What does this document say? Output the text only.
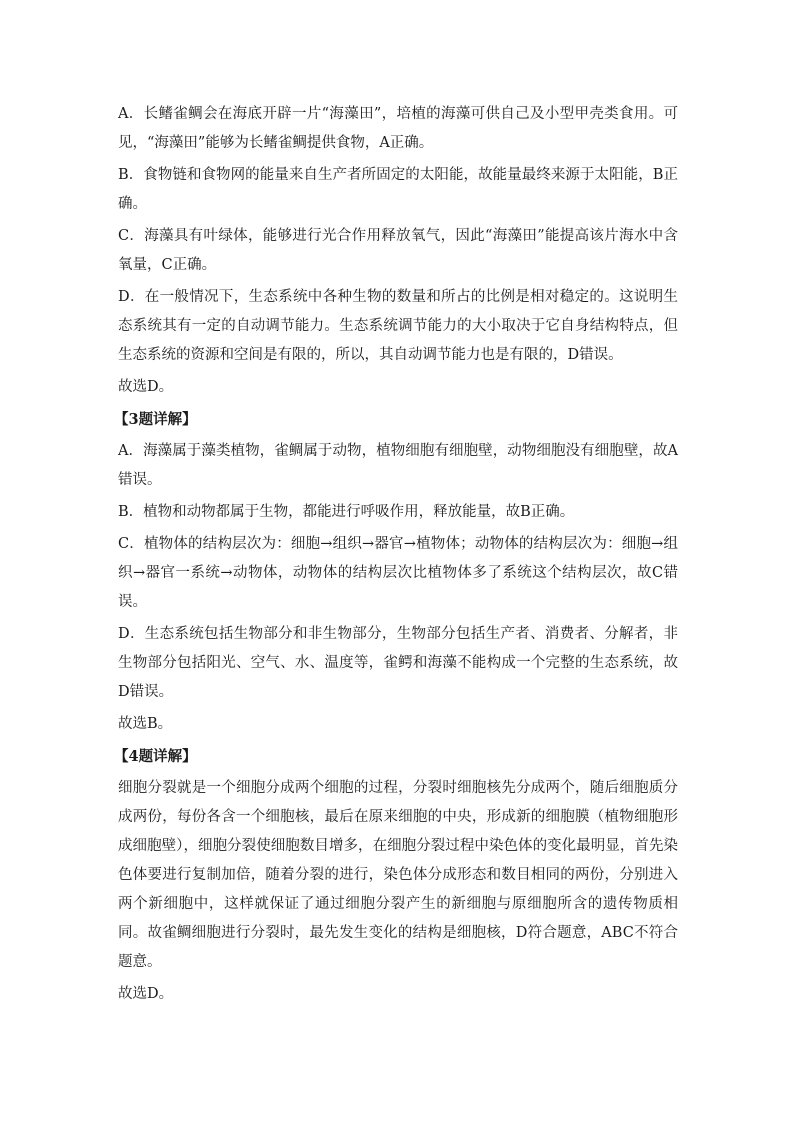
A．长鳍雀鲷会在海底开辟一片“海藻田”，培植的海藻可供自己及小型甲壳类食用。可见，“海藻田”能够为长鳍雀鲷提供食物，A正确。

B．食物链和食物网的能量来自生产者所固定的太阳能，故能量最终来源于太阳能，B正确。

C．海藻具有叶绿体，能够进行光合作用释放氧气，因此“海藻田”能提高该片海水中含氧量，C正确。

D．在一般情况下，生态系统中各种生物的数量和所占的比例是相对稳定的。这说明生态系统其有一定的自动调节能力。生态系统调节能力的大小取决于它自身结构特点，但生态系统的资源和空间是有限的，所以，其自动调节能力也是有限的，D错误。

故选D。

【3题详解】

A．海藻属于藻类植物，雀鲷属于动物，植物细胞有细胞壁，动物细胞没有细胞壁，故A错误。

B．植物和动物都属于生物，都能进行呼吸作用，释放能量，故B正确。

C．植物体的结构层次为：细胞→组织→器官→植物体；动物体的结构层次为：细胞→组织→器官一系统→动物体，动物体的结构层次比植物体多了系统这个结构层次，故C错误。

D．生态系统包括生物部分和非生物部分，生物部分包括生产者、消费者、分解者，非生物部分包括阳光、空气、水、温度等，雀鳄和海藻不能构成一个完整的生态系统，故D错误。

故选B。

【4题详解】

细胞分裂就是一个细胞分成两个细胞的过程，分裂时细胞核先分成两个，随后细胞质分成两份，每份各含一个细胞核，最后在原来细胞的中央，形成新的细胞膜（植物细胞形成细胞壁），细胞分裂使细胞数目增多，在细胞分裂过程中染色体的变化最明显，首先染色体要进行复制加倍，随着分裂的进行，染色体分成形态和数目相同的两份，分别进入两个新细胞中，这样就保证了通过细胞分裂产生的新细胞与原细胞所含的遗传物质相同。故雀鲷细胞进行分裂时，最先发生变化的结构是细胞核，D符合题意，ABC不符合题意。

故选D。
